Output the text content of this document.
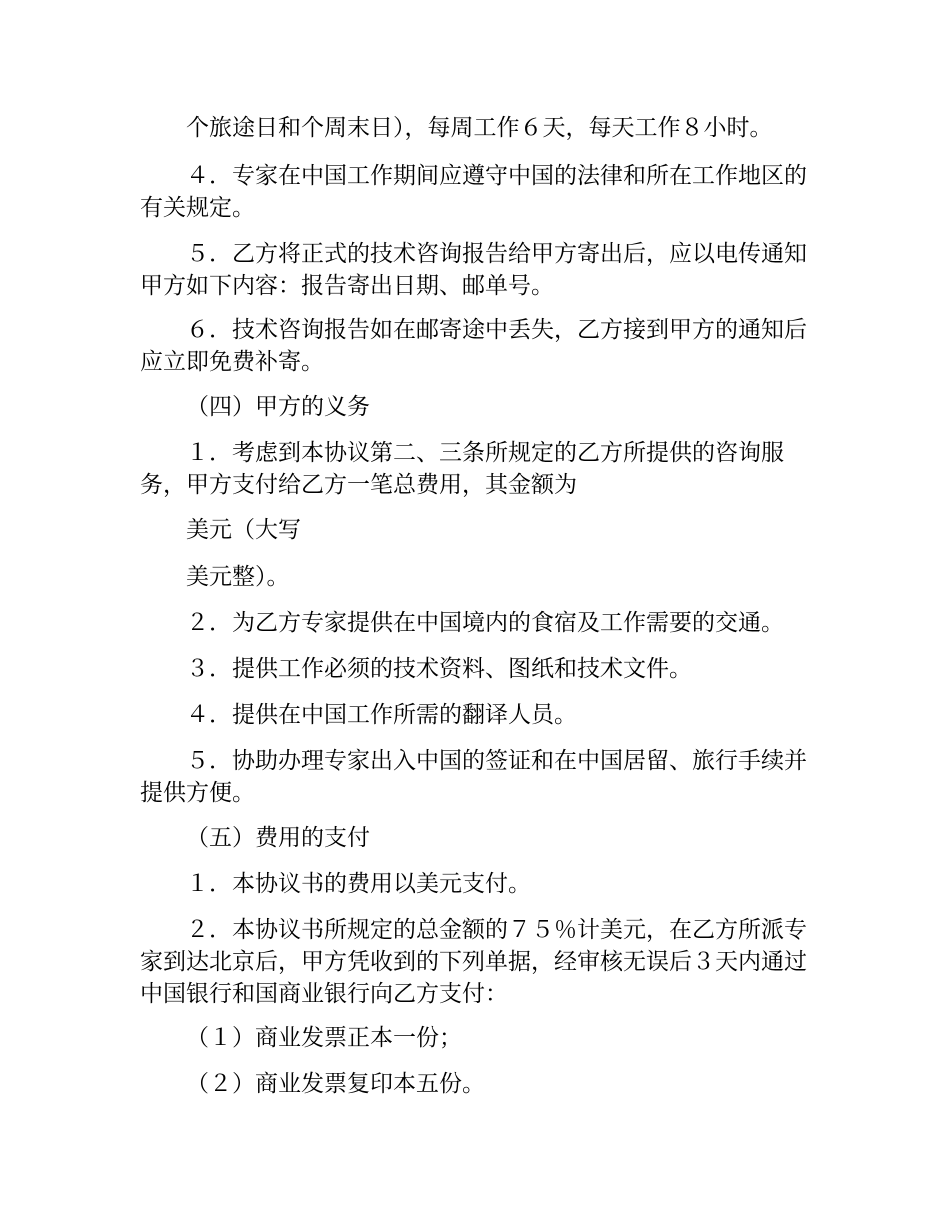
个旅途日和个周末日），每周工作６天，每天工作８小时。

４．专家在中国工作期间应遵守中国的法律和所在工作地区的有关规定。

５．乙方将正式的技术咨询报告给甲方寄出后，应以电传通知甲方如下内容：报告寄出日期、邮单号。

６．技术咨询报告如在邮寄途中丢失，乙方接到甲方的通知后应立即免费补寄。

（四）甲方的义务

１．考虑到本协议第二、三条所规定的乙方所提供的咨询服务，甲方支付给乙方一笔总费用，其金额为

美元（大写

美元整）。

２．为乙方专家提供在中国境内的食宿及工作需要的交通。

３．提供工作必须的技术资料、图纸和技术文件。

４．提供在中国工作所需的翻译人员。

５．协助办理专家出入中国的签证和在中国居留、旅行手续并提供方便。

（五）费用的支付

１．本协议书的费用以美元支付。

２．本协议书所规定的总金额的７５％计美元，在乙方所派专家到达北京后，甲方凭收到的下列单据，经审核无误后３天内通过中国银行和国商业银行向乙方支付：

（１）商业发票正本一份；

（２）商业发票复印本五份。
